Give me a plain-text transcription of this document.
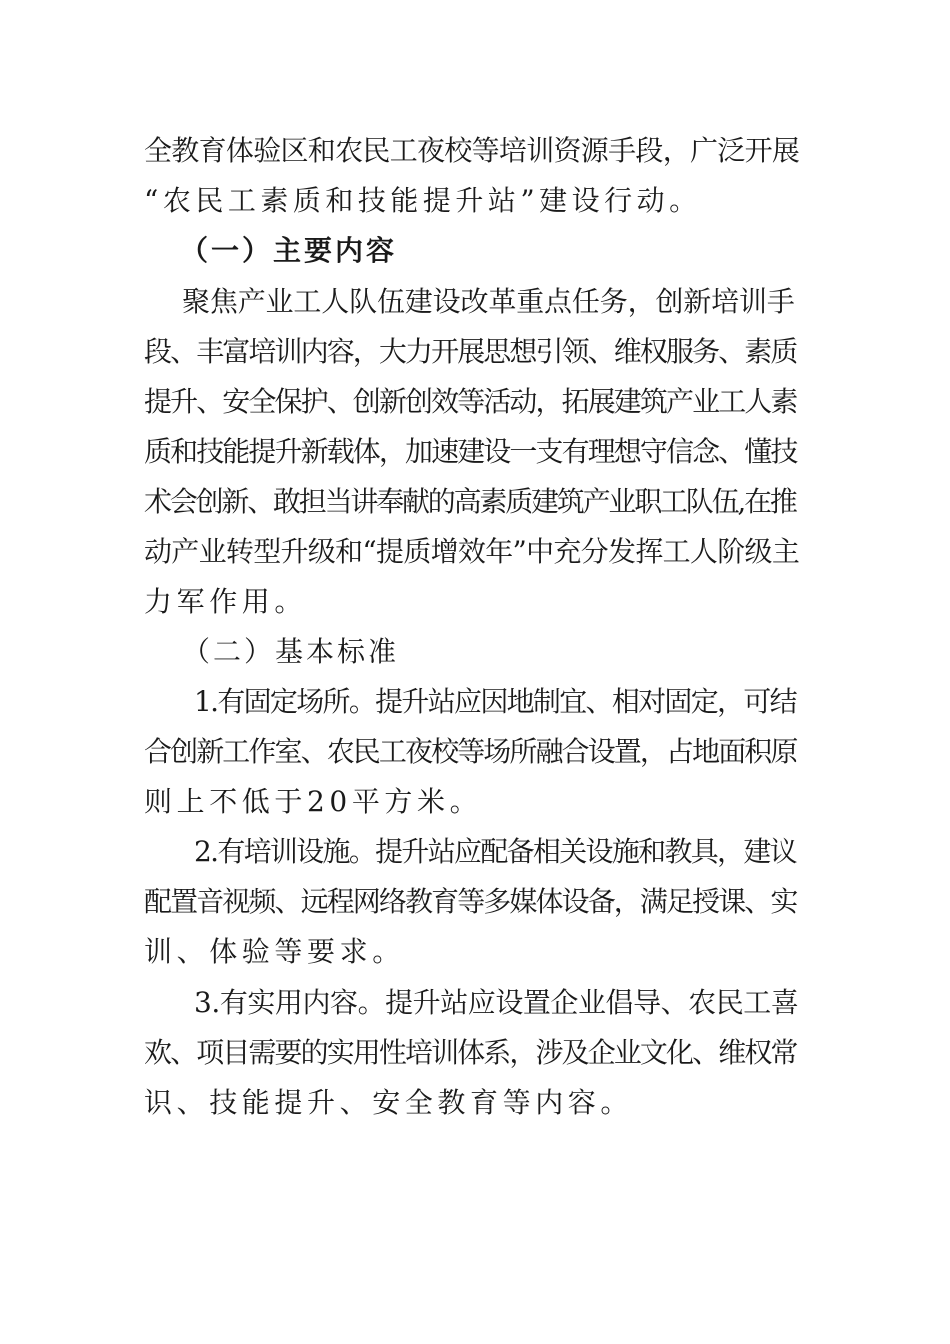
全教育体验区和农民工夜校等培训资源手段，广泛开展
“农民工素质和技能提升站”建设行动。
（一）主要内容
聚焦产业工人队伍建设改革重点任务，创新培训手
段、丰富培训内容，大力开展思想引领、维权服务、素质
提升、安全保护、创新创效等活动，拓展建筑产业工人素
质和技能提升新载体，加速建设一支有理想守信念、懂技
术会创新、敢担当讲奉献的高素质建筑产业职工队伍,在推
动产业转型升级和“提质增效年”中充分发挥工人阶级主
力军作用。
（二）基本标准
1.有固定场所。提升站应因地制宜、相对固定，可结
合创新工作室、农民工夜校等场所融合设置，占地面积原
则上不低于20平方米。
2.有培训设施。提升站应配备相关设施和教具，建议
配置音视频、远程网络教育等多媒体设备，满足授课、实
训、体验等要求。
3.有实用内容。提升站应设置企业倡导、农民工喜
欢、项目需要的实用性培训体系，涉及企业文化、维权常
识、技能提升、安全教育等内容。
